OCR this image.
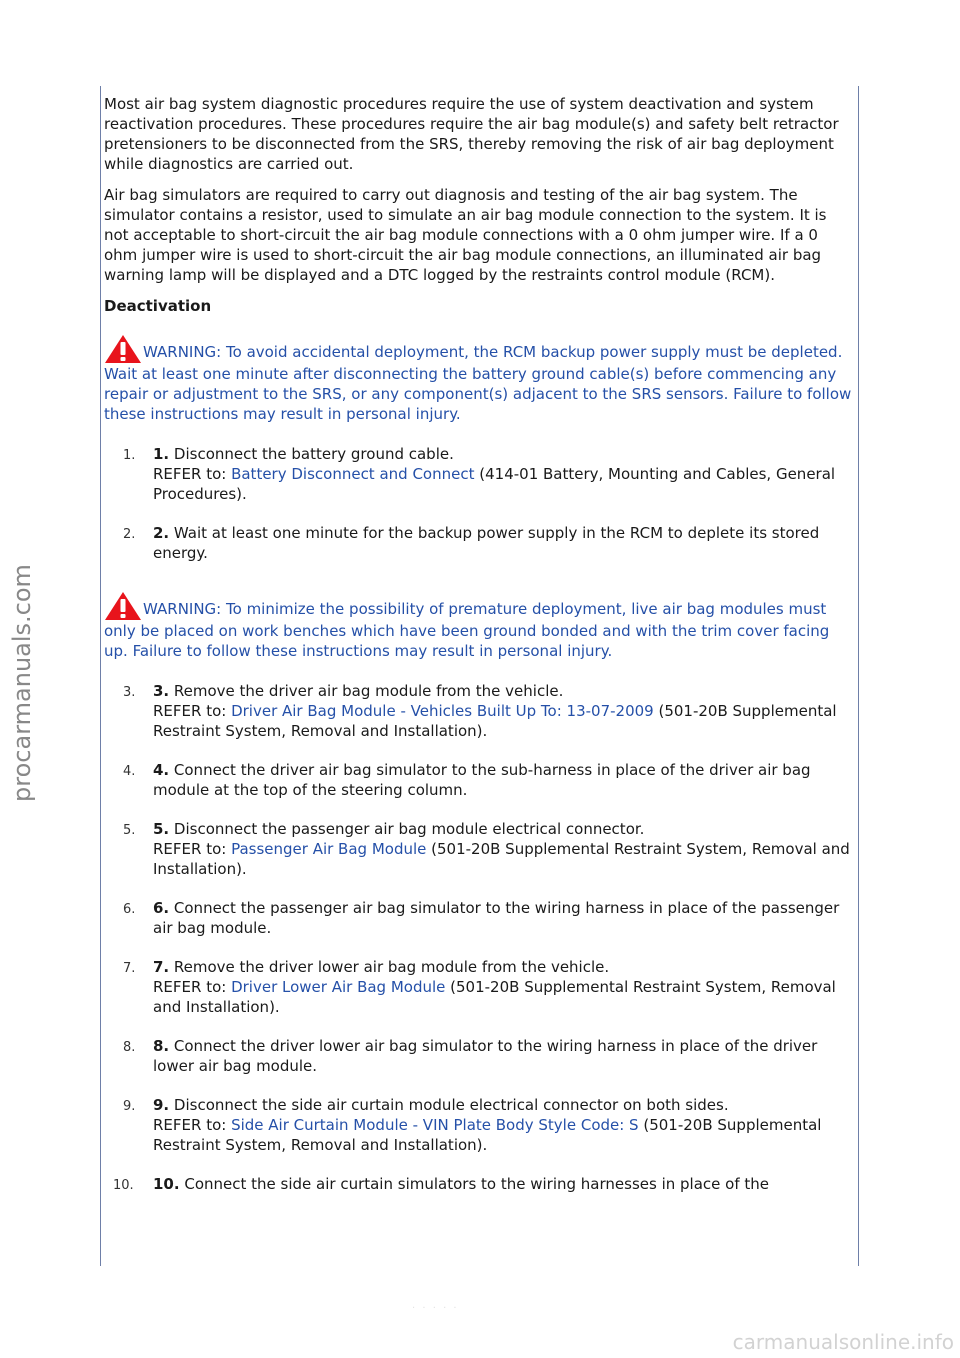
procarmanuals.com

Most air bag system diagnostic procedures require the use of system deactivation and system reactivation procedures. These procedures require the air bag module(s) and safety belt retractor pretensioners to be disconnected from the SRS, thereby removing the risk of air bag deployment while diagnostics are carried out.

Air bag simulators are required to carry out diagnosis and testing of the air bag system. The simulator contains a resistor, used to simulate an air bag module connection to the system. It is not acceptable to short-circuit the air bag module connections with a 0 ohm jumper wire. If a 0 ohm jumper wire is used to short-circuit the air bag module connections, an illuminated air bag warning lamp will be displayed and a DTC logged by the restraints control module (RCM).

Deactivation
WARNING: To avoid accidental deployment, the RCM backup power supply must be depleted. Wait at least one minute after disconnecting the battery ground cable(s) before commencing any repair or adjustment to the SRS, or any component(s) adjacent to the SRS sensors. Failure to follow these instructions may result in personal injury.
1.	1. Disconnect the battery ground cable.
REFER to: Battery Disconnect and Connect (414-01 Battery, Mounting and Cables, General Procedures).
2.	2. Wait at least one minute for the backup power supply in the RCM to deplete its stored energy.
WARNING: To minimize the possibility of premature deployment, live air bag modules must only be placed on work benches which have been ground bonded and with the trim cover facing up. Failure to follow these instructions may result in personal injury.
3.	3. Remove the driver air bag module from the vehicle.
REFER to: Driver Air Bag Module - Vehicles Built Up To: 13-07-2009 (501-20B Supplemental Restraint System, Removal and Installation).
4.	4. Connect the driver air bag simulator to the sub-harness in place of the driver air bag module at the top of the steering column.
5.	5. Disconnect the passenger air bag module electrical connector.
REFER to: Passenger Air Bag Module (501-20B Supplemental Restraint System, Removal and Installation).
6.	6. Connect the passenger air bag simulator to the wiring harness in place of the passenger air bag module.
7.	7. Remove the driver lower air bag module from the vehicle.
REFER to: Driver Lower Air Bag Module (501-20B Supplemental Restraint System, Removal and Installation).
8.	8. Connect the driver lower air bag simulator to the wiring harness in place of the driver lower air bag module.
9.	9. Disconnect the side air curtain module electrical connector on both sides.
REFER to: Side Air Curtain Module - VIN Plate Body Style Code: S (501-20B Supplemental Restraint System, Removal and Installation).
10.	10. Connect the side air curtain simulators to the wiring harnesses in place of the
· · · · ·
carmanualsonline.info
